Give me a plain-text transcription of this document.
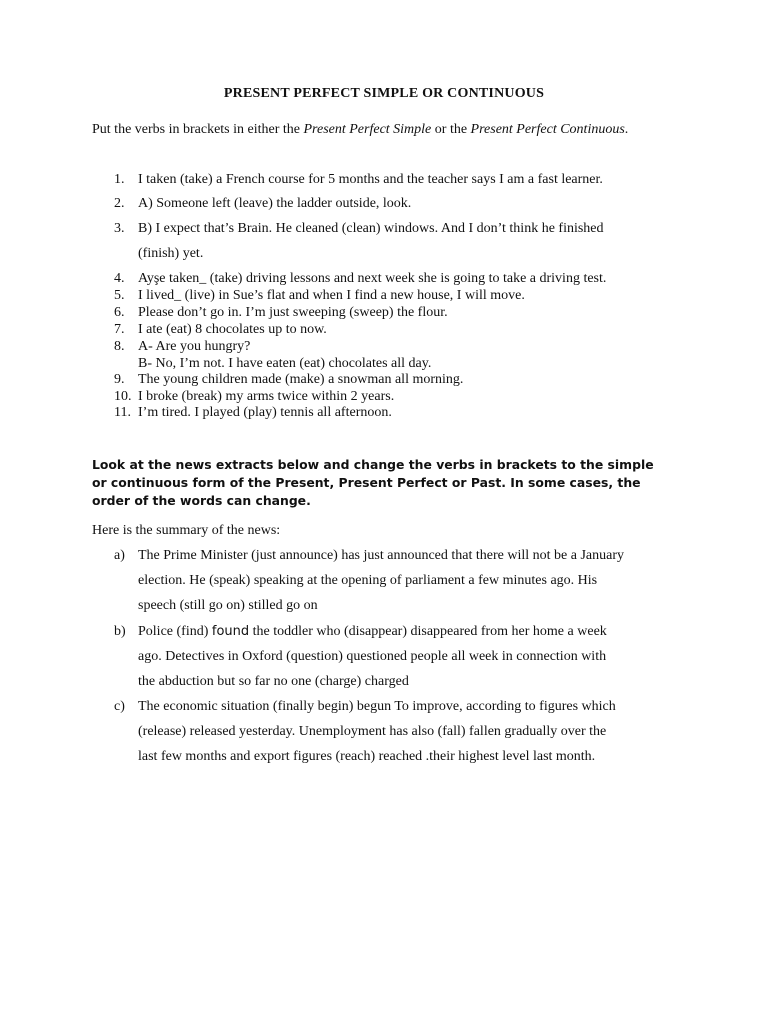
PRESENT PERFECT SIMPLE OR CONTINUOUS
Put the verbs in brackets in either the Present Perfect Simple or the Present Perfect Continuous.
1. I taken (take) a French course for 5 months and the teacher says I am a fast learner.
2. A) Someone left (leave) the ladder outside, look.
3. B) I expect that’s Brain. He cleaned (clean) windows. And I don’t think he finished
(finish) yet.
4. Ayşe taken_ (take) driving lessons and next week she is going to take a driving test.
5. I lived_ (live) in Sue’s flat and when I find a new house, I will move.
6. Please don’t go in. I’m just sweeping (sweep) the flour.
7. I ate (eat) 8 chocolates up to now.
8. A- Are you hungry?
B- No, I’m not. I have eaten (eat) chocolates all day.
9. The young children made (make) a snowman all morning.
10. I broke (break) my arms twice within 2 years.
11. I’m tired. I played (play) tennis all afternoon.
Look at the news extracts below and change the verbs in brackets to the simple or continuous form of the Present, Present Perfect or Past. In some cases, the order of the words can change.
Here is the summary of the news:
a) The Prime Minister (just announce) has just announced that there will not be a January
election. He (speak) speaking at the opening of parliament a few minutes ago. His
speech (still go on) stilled go on
b) Police (find) found the toddler who (disappear) disappeared from her home a week
ago. Detectives in Oxford (question) questioned people all week in connection with
the abduction but so far no one (charge) charged
c) The economic situation (finally begin) begun To improve, according to figures which
(release) released yesterday. Unemployment has also (fall) fallen gradually over the
last few months and export figures (reach) reached .their highest level last month.
